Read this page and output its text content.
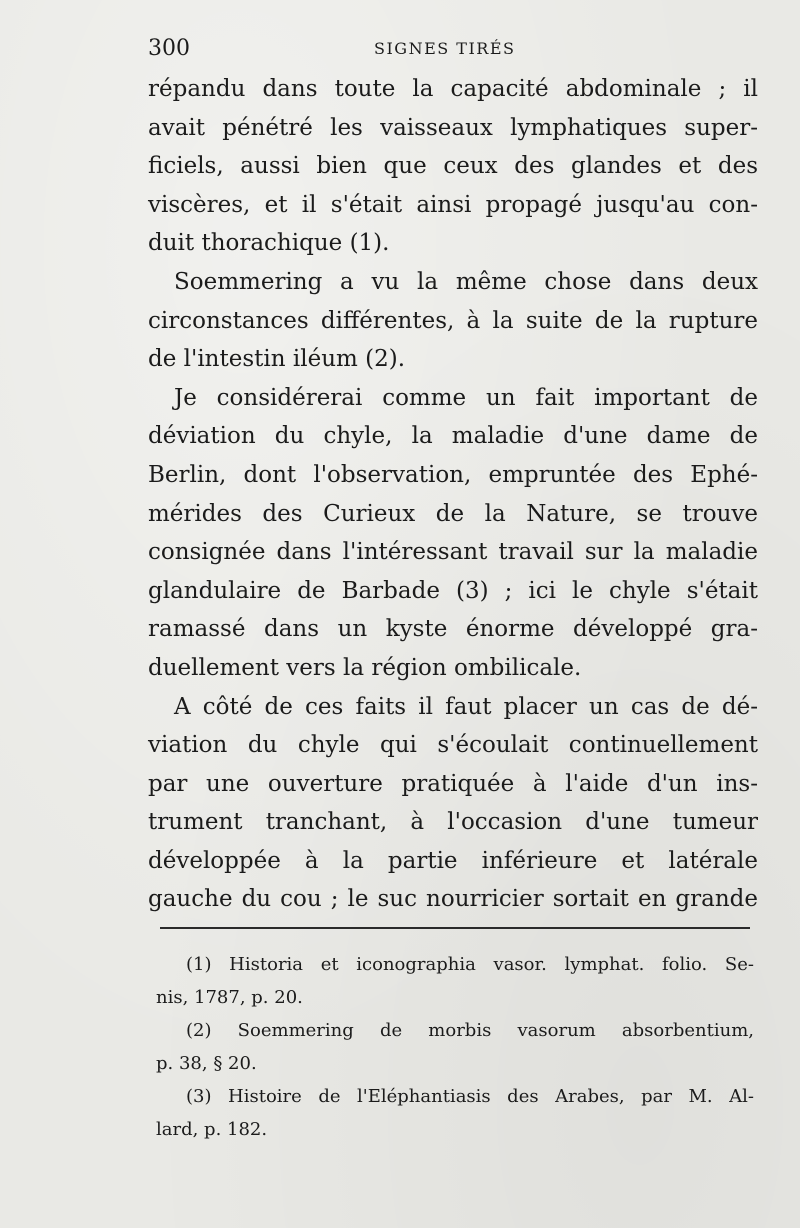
300	SIGNES TIRÉS
répandu dans toute la capacité abdominale ; il
avait pénétré les vaisseaux lymphatiques super-
ficiels, aussi bien que ceux des glandes et des
viscères, et il s'était ainsi propagé jusqu'au con-
duit thorachique (1).
Soemmering a vu la même chose dans deux
circonstances différentes, à la suite de la rupture
de l'intestin iléum (2).
Je considérerai comme un fait important de
déviation du chyle, la maladie d'une dame de
Berlin, dont l'observation, empruntée des Ephé-
mérides des Curieux de la Nature, se trouve
consignée dans l'intéressant travail sur la maladie
glandulaire de Barbade (3) ; ici le chyle s'était
ramassé dans un kyste énorme développé gra-
duellement vers la région ombilicale.
A côté de ces faits il faut placer un cas de dé-
viation du chyle qui s'écoulait continuellement
par une ouverture pratiquée à l'aide d'un ins-
trument tranchant, à l'occasion d'une tumeur
développée à la partie inférieure et latérale
gauche du cou ; le suc nourricier sortait en grande
(1) Historia et iconographia vasor. lymphat. folio. Se-
nis, 1787, p. 20.
(2) Soemmering de morbis vasorum absorbentium,
p. 38, § 20.
(3) Histoire de l'Eléphantiasis des Arabes, par M. Al-
lard, p. 182.
